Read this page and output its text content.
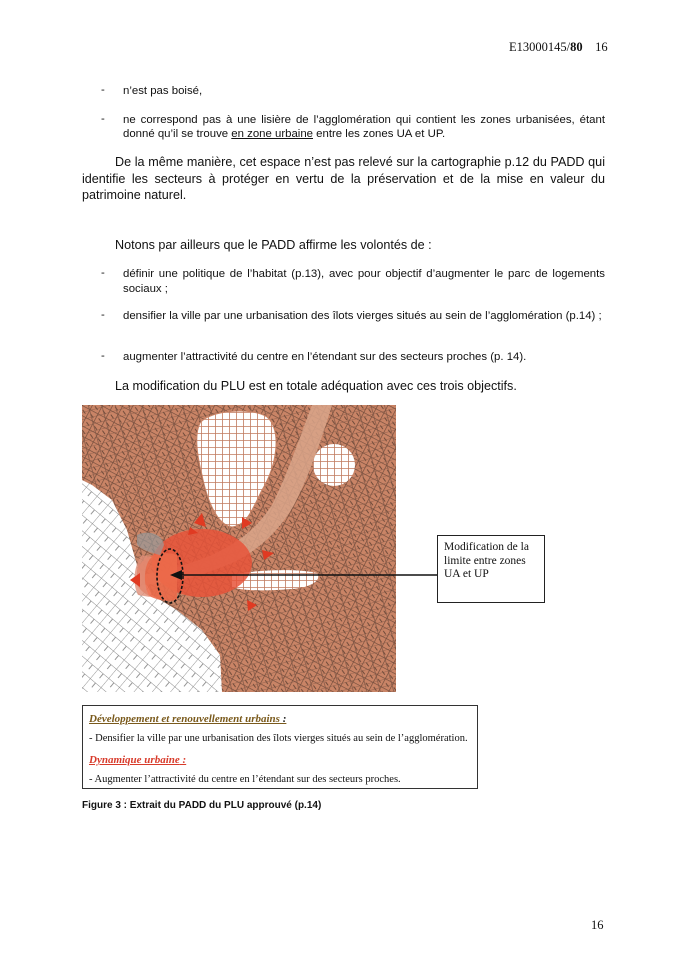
E13000145/80 16
- n’est pas boisé,
- ne correspond pas à une lisière de l’agglomération qui contient les zones urbanisées, étant
donné qu’il se trouve en zone urbaine entre les zones UA et UP.
De la même manière, cet espace n’est pas relevé sur la cartographie p.12 du PADD qui identifie les secteurs à protéger en vertu de la préservation et de la mise en valeur du patrimoine naturel.
Notons par ailleurs que le PADD affirme les volontés de :
- définir une politique de l’habitat (p.13), avec pour objectif d’augmenter le parc de logements sociaux ;
- densifier la ville par une urbanisation des îlots vierges situés au sein de l’agglomération (p.14) ;
- augmenter l’attractivité du centre en l’étendant sur des secteurs proches (p. 14).
La modification du PLU est en totale adéquation avec ces trois objectifs.
Modification de la limite entre zones UA et UP
Développement et renouvellement urbains :
- Densifier la ville par une urbanisation des îlots vierges situés au sein de l’agglomération.
Dynamique urbaine :
- Augmenter l’attractivité du centre en l’étendant sur des secteurs proches.
Figure 3 : Extrait du PADD du PLU approuvé (p.14)
16
